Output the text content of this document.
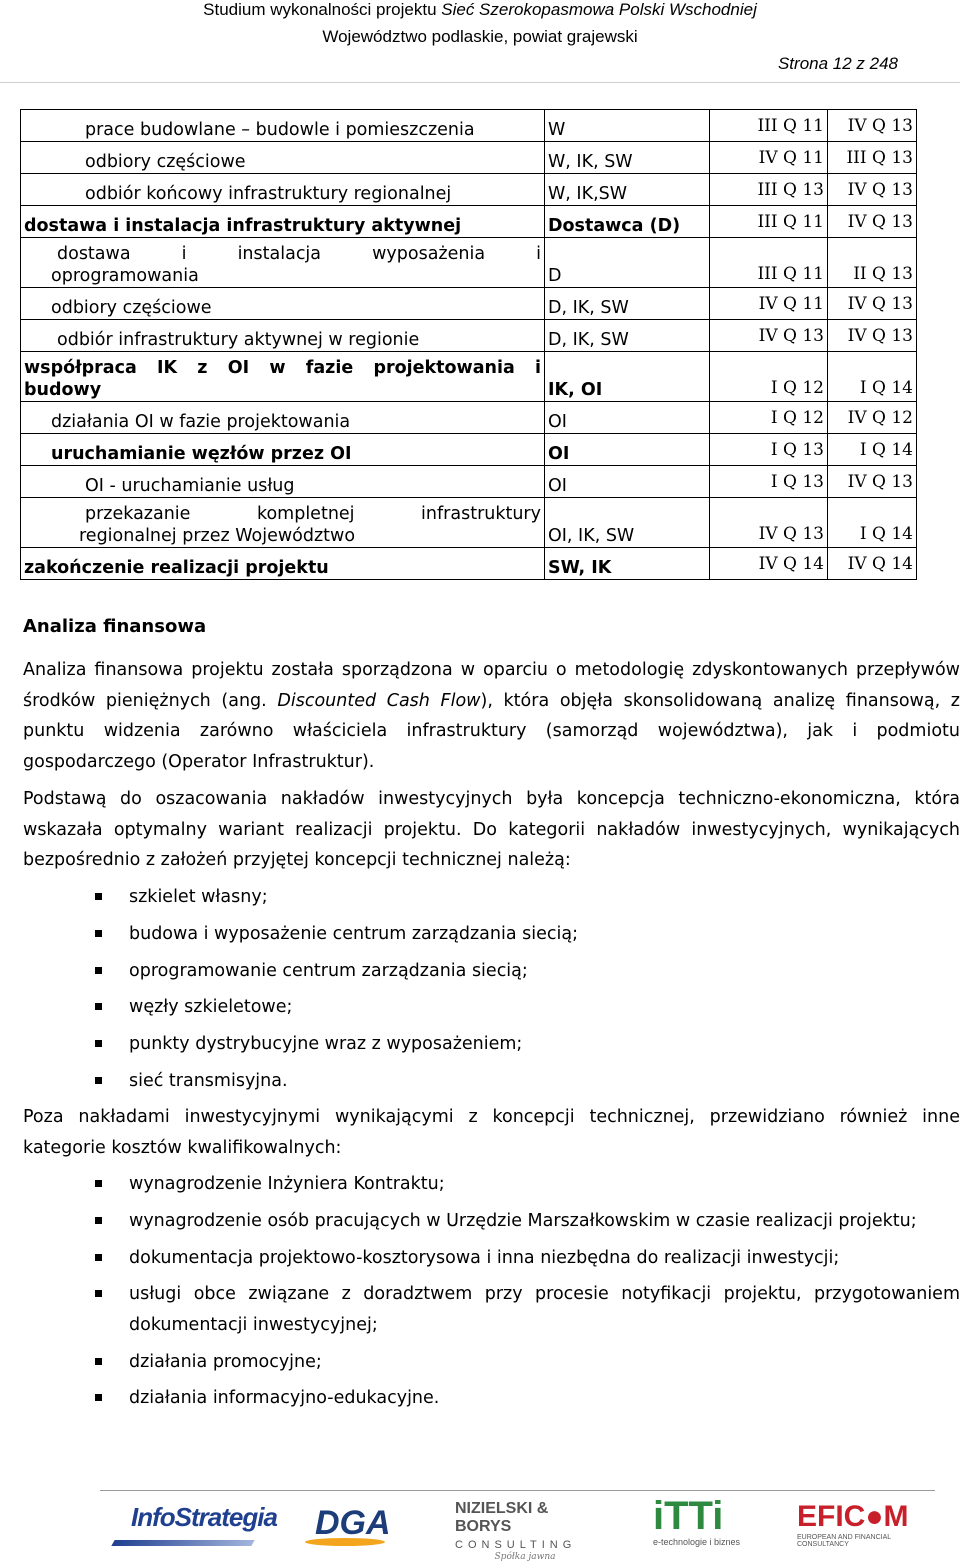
Studium wykonalności projektu Sieć Szerokopasmowa Polski Wschodniej
Województwo podlaskie, powiat grajewski
Strona 12 z 248
prace budowlane – budowle i pomieszczenia	W	III Q 11	IV Q 13
odbiory częściowe	W, IK, SW	IV Q 11	III Q 13
odbiór końcowy infrastruktury regionalnej	W, IK,SW	III Q 13	IV Q 13
dostawa i instalacja infrastruktury aktywnej	Dostawca (D)	III Q 11	IV Q 13

dostawa i instalacja wyposażenia i
oprogramowania	D	III Q 11	II Q 13
odbiory częściowe	D, IK, SW	IV Q 11	IV Q 13
odbiór infrastruktury aktywnej w regionie	D, IK, SW	IV Q 13	IV Q 13

współpraca IK z OI w fazie projektowania i
budowy	IK, OI	I Q 12	I Q 14
działania OI w fazie projektowania	OI	I Q 12	IV Q 12
uruchamianie węzłów przez OI	OI	I Q 13	I Q 14
OI - uruchamianie usług	OI	I Q 13	IV Q 13

przekazanie kompletnej infrastruktury
regionalnej przez Województwo	OI, IK, SW	IV Q 13	I Q 14
zakończenie realizacji projektu	SW, IK	IV Q 14	IV Q 14
Analiza finansowa
Analiza finansowa projektu została sporządzona w oparciu o metodologię zdyskontowanych przepływów środków pieniężnych (ang. Discounted Cash Flow), która objęła skonsolidowaną analizę finansową, z punktu widzenia zarówno właściciela infrastruktury (samorząd województwa), jak i podmiotu gospodarczego (Operator Infrastruktur).
Podstawą do oszacowania nakładów inwestycyjnych była koncepcja techniczno-ekonomiczna, która wskazała optymalny wariant realizacji projektu. Do kategorii nakładów inwestycyjnych, wynikających bezpośrednio z założeń przyjętej koncepcji technicznej należą:
szkielet własny;
budowa i wyposażenie centrum zarządzania siecią;
oprogramowanie centrum zarządzania siecią;
węzły szkieletowe;
punkty dystrybucyjne wraz z wyposażeniem;
sieć transmisyjna.
Poza nakładami inwestycyjnymi wynikającymi z koncepcji technicznej, przewidziano również inne kategorie kosztów kwalifikowalnych:
wynagrodzenie Inżyniera Kontraktu;
wynagrodzenie osób pracujących w Urzędzie Marszałkowskim w czasie realizacji projektu;
dokumentacja projektowo-kosztorysowa i inna niezbędna do realizacji inwestycji;
usługi obce związane z doradztwem przy procesie notyfikacji projektu, przygotowaniem dokumentacji inwestycyjnej;
działania promocyjne;
działania informacyjno-edukacyjne.
InfoStrategia DGA	NIZIELSKI & BORYS
CONSULTING
Spółka jawna
iTTi
e-technologie i biznes
EFIC●M
EUROPEAN AND FINANCIAL CONSULTANCY
